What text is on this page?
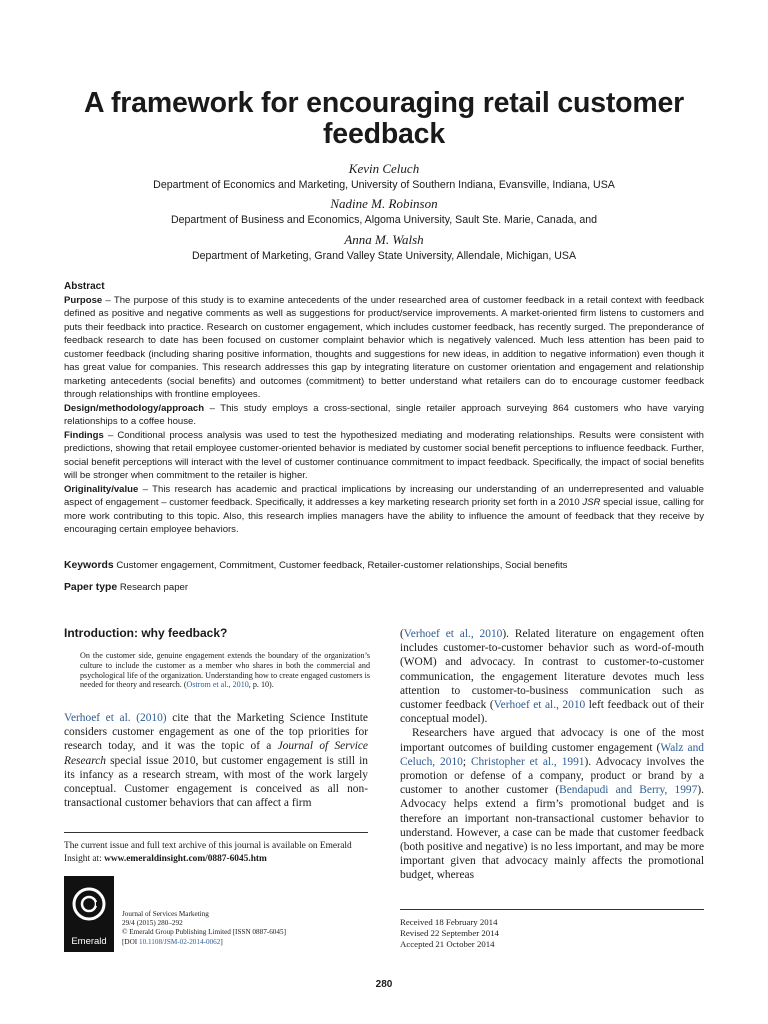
A framework for encouraging retail customer feedback
Kevin Celuch
Department of Economics and Marketing, University of Southern Indiana, Evansville, Indiana, USA
Nadine M. Robinson
Department of Business and Economics, Algoma University, Sault Ste. Marie, Canada, and
Anna M. Walsh
Department of Marketing, Grand Valley State University, Allendale, Michigan, USA
Abstract

Purpose – The purpose of this study is to examine antecedents of the under researched area of customer feedback in a retail context with feedback defined as positive and negative comments as well as suggestions for product/service improvements. A market-oriented firm listens to customers and puts their feedback into practice. Research on customer engagement, which includes customer feedback, has recently surged. The preponderance of feedback research to date has been focused on customer complaint behavior which is negatively valenced. Much less attention has been paid to customer feedback (including sharing positive information, thoughts and suggestions for new ideas, in addition to negative information) even though it has great value for companies. This research addresses this gap by integrating literature on customer orientation and engagement and relationship marketing antecedents (social benefits) and outcomes (commitment) to better understand what retailers can do to encourage customer feedback through relationships with frontline employees.

Design/methodology/approach – This study employs a cross-sectional, single retailer approach surveying 864 customers who have varying relationships to a coffee house.

Findings – Conditional process analysis was used to test the hypothesized mediating and moderating relationships. Results were consistent with predictions, showing that retail employee customer-oriented behavior is mediated by customer social benefit perceptions to influence feedback. Further, social benefit perceptions will interact with the level of customer continuance commitment to impact feedback. Specifically, the impact of social benefits will be stronger when commitment to the retailer is higher.

Originality/value – This research has academic and practical implications by increasing our understanding of an underrepresented and valuable aspect of engagement – customer feedback. Specifically, it addresses a key marketing research priority set forth in a 2010 JSR special issue, calling for more work contributing to this topic. Also, this research implies managers have the ability to influence the amount of feedback that they receive by encouraging certain employee behaviors.

Keywords Customer engagement, Commitment, Customer feedback, Retailer-customer relationships, Social benefits
Paper type Research paper
Introduction: why feedback?
On the customer side, genuine engagement extends the boundary of the organization’s culture to include the customer as a member who shares in both the commercial and psychological life of the organization. Understanding how to create engaged customers is needed for theory and research. (Ostrom et al., 2010, p. 10).
Verhoef et al. (2010) cite that the Marketing Science Institute considers customer engagement as one of the top priorities for research today, and it was the topic of a Journal of Service Research special issue 2010, but customer engagement is still in its infancy as a research stream, with most of the work largely conceptual. Customer engagement is conceived as all non-transactional customer behaviors that can affect a firm

(Verhoef et al., 2010). Related literature on engagement often includes customer-to-customer behavior such as word-of-mouth (WOM) and advocacy. In contrast to customer-to-customer communication, the engagement literature devotes much less attention to customer-to-business communication such as customer feedback (Verhoef et al., 2010 left feedback out of their conceptual model).

Researchers have argued that advocacy is one of the most important outcomes of building customer engagement (Walz and Celuch, 2010; Christopher et al., 1991). Advocacy involves the promotion or defense of a company, product or brand by a customer to another customer (Bendapudi and Berry, 1997). Advocacy helps extend a firm’s promotional budget and is therefore an important non-transactional customer behavior to understand. However, a case can be made that customer feedback (both positive and negative) is no less important, and may be more important given that advocacy mainly affects the promotional budget, whereas

The current issue and full text archive of this journal is available on Emerald Insight at: www.emeraldinsight.com/0887-6045.htm
Emerald
Journal of Services Marketing
29/4 (2015) 280–292
© Emerald Group Publishing Limited [ISSN 0887-6045]
[DOI 10.1108/JSM-02-2014-0062]
Received 18 February 2014
Revised 22 September 2014
Accepted 21 October 2014
280
